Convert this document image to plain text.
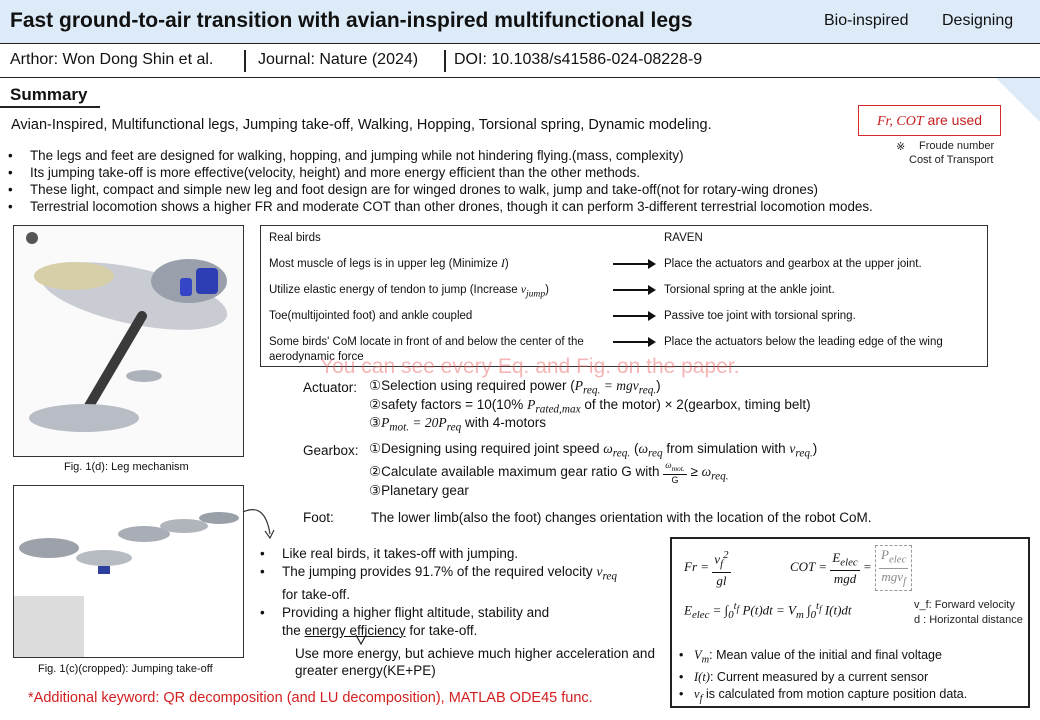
Fast ground-to-air transition with avian-inspired multifunctional legs	Bio-inspired Designing
Arthor: Won Dong Shin et al.	Journal: Nature (2024) DOI: 10.1038/s41586-024-08228-9
Summary
Avian-Inspired, Multifunctional legs, Jumping take-off, Walking, Hopping, Torsional spring, Dynamic modeling.	Fr, COT are used
※ Froude number
Cost of Transport
• The legs and feet are designed for walking, hopping, and jumping while not hindering flying.(mass, complexity)
• Its jumping take-off is more effective(velocity, height) and more energy efficient than the other methods.
• These light, compact and simple new leg and foot design are for winged drones to walk, jump and take-off(not for rotary-wing drones)
• Terrestrial locomotion shows a higher FR and moderate COT than other drones, though it can perform 3-different terrestrial locomotion modes.
Fig. 1(d): Leg mechanism
Fig. 1(c)(cropped): Jumping take-off
Real birds	RAVEN
Most muscle of legs is in upper leg (Minimize I)	Place the actuators and gearbox at the upper joint.
Utilize elastic energy of tendon to jump (Increase $v_{jump}$)	Torsional spring at the ankle joint.
Toe(multijointed foot) and ankle coupled	Passive toe joint with torsional spring.
Some birds' CoM locate in front of and below the center of the aerodynamic force
Place the actuators below the leading edge of the wing
You can see every Eq. and Fig. on the paper.
Actuator: ①Selection using required power $(P_{req.} = mgv_{req.})$
②safety factors = 10(10% $P_{rated,max}$ of the motor) × 2(gearbox, timing belt)
$③P_{mot.} = 20P_{req}$ with 4-motors
Gearbox: ①Designing using required joint speed $\omega_{req.}$ ($\omega_{req}$ from simulation with $v_{req.}$)
②Calculate available maximum gear ratio G with $\frac{\omega_{mot.}}{G} \ge \omega_{req.}$
③Planetary gear
Foot:	The lower limb(also the foot) changes orientation with the location of the robot CoM.
• Like real birds, it takes-off with jumping.
• The jumping provides 91.7% of the required velocity $v_{req}$
for take-off.
• Providing a higher flight altitude, stability and
the energy efficiency for take-off.
Use more energy, but achieve much higher acceleration and greater energy(KE+PE)
*Additional keyword: QR decomposition (and LU decomposition), MATLAB ODE45 func.
$Fr = \frac{v_f^2}{gl}$	COT = $\frac{E_{elec}}{\text{mgd}} = \frac{P_{elec}}{mgv_f}$
$E_{elec} = \int_0^{t_f}$ $P(t)dt = V_m$ $\int_0^{t_f}$ I(t)dt	v_f: Forward velocity
d : Horizontal distance
• $V_m$: Mean value of the initial and final voltage
• I(t): Current measured by a current sensor
• $v_f$ is calculated from motion capture position data.
